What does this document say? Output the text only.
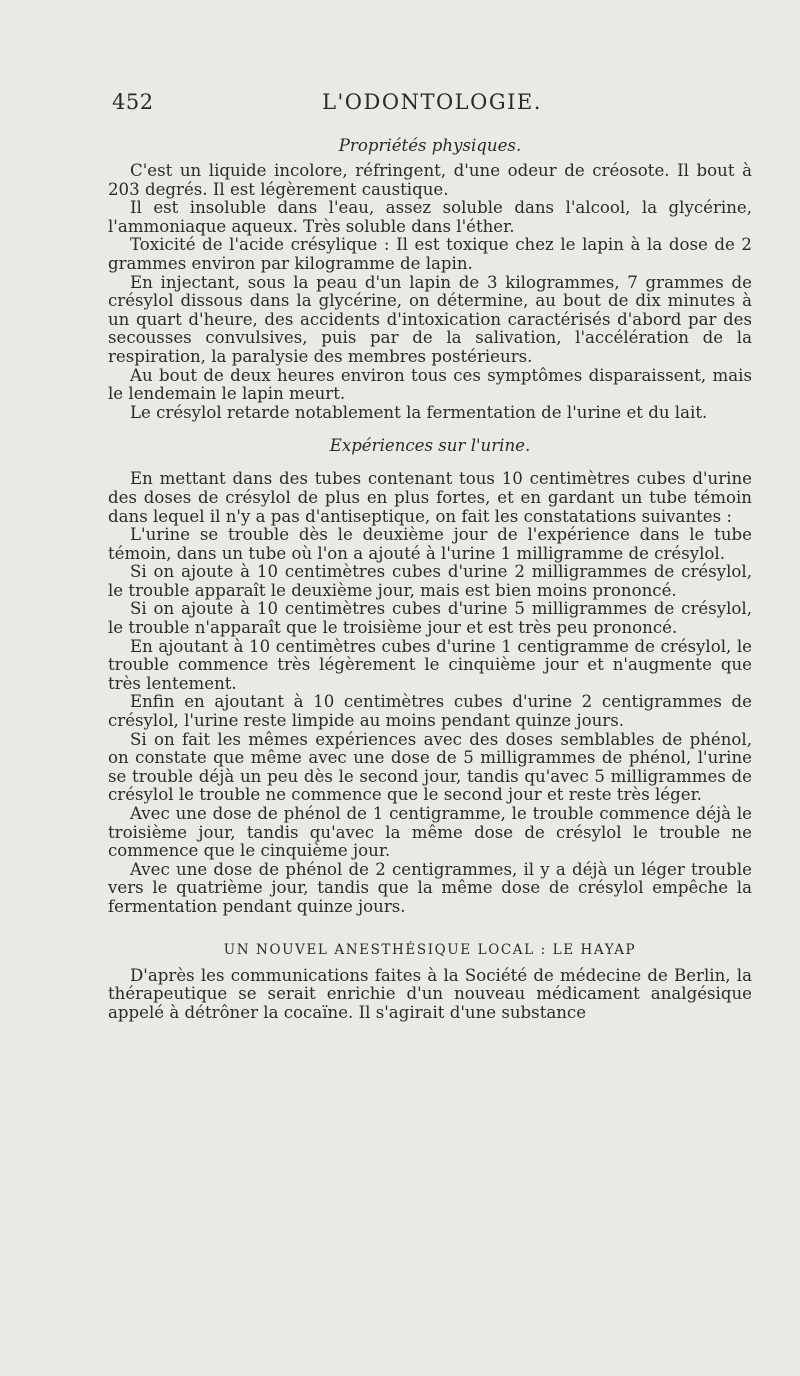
452	L'ODONTOLOGIE.
Propriétés physiques.

C'est un liquide incolore, réfringent, d'une odeur de créosote. Il bout à 203 degrés. Il est légèrement caustique.

Il est insoluble dans l'eau, assez soluble dans l'alcool, la glycérine, l'ammoniaque aqueux. Très soluble dans l'éther.

Toxicité de l'acide crésylique : Il est toxique chez le lapin à la dose de 2 grammes environ par kilogramme de lapin.

En injectant, sous la peau d'un lapin de 3 kilogrammes, 7 grammes de crésylol dissous dans la glycérine, on détermine, au bout de dix minutes à un quart d'heure, des accidents d'intoxication caractérisés d'abord par des secousses convulsives, puis par de la salivation, l'accélération de la respiration, la paralysie des membres postérieurs.

Au bout de deux heures environ tous ces symptômes disparaissent, mais le lendemain le lapin meurt.

Le crésylol retarde notablement la fermentation de l'urine et du lait.

Expériences sur l'urine.

En mettant dans des tubes contenant tous 10 centimètres cubes d'urine des doses de crésylol de plus en plus fortes, et en gardant un tube témoin dans lequel il n'y a pas d'antiseptique, on fait les constatations suivantes :

L'urine se trouble dès le deuxième jour de l'expérience dans le tube témoin, dans un tube où l'on a ajouté à l'urine 1 milligramme de crésylol.

Si on ajoute à 10 centimètres cubes d'urine 2 milligrammes de crésylol, le trouble apparaît le deuxième jour, mais est bien moins prononcé.

Si on ajoute à 10 centimètres cubes d'urine 5 milligrammes de crésylol, le trouble n'apparaît que le troisième jour et est très peu prononcé.

En ajoutant à 10 centimètres cubes d'urine 1 centigramme de crésylol, le trouble commence très légèrement le cinquième jour et n'augmente que très lentement.

Enfin en ajoutant à 10 centimètres cubes d'urine 2 centigrammes de crésylol, l'urine reste limpide au moins pendant quinze jours.

Si on fait les mêmes expériences avec des doses semblables de phénol, on constate que même avec une dose de 5 milligrammes de phénol, l'urine se trouble déjà un peu dès le second jour, tandis qu'avec 5 milligrammes de crésylol le trouble ne commence que le second jour et reste très léger.

Avec une dose de phénol de 1 centigramme, le trouble commence déjà le troisième jour, tandis qu'avec la même dose de crésylol le trouble ne commence que le cinquième jour.

Avec une dose de phénol de 2 centigrammes, il y a déjà un léger trouble vers le quatrième jour, tandis que la même dose de crésylol empêche la fermentation pendant quinze jours.

UN NOUVEL ANESTHÉSIQUE LOCAL : LE HAYAP

D'après les communications faites à la Société de médecine de Berlin, la thérapeutique se serait enrichie d'un nouveau médicament analgésique appelé à détrôner la cocaïne. Il s'agirait d'une substance
